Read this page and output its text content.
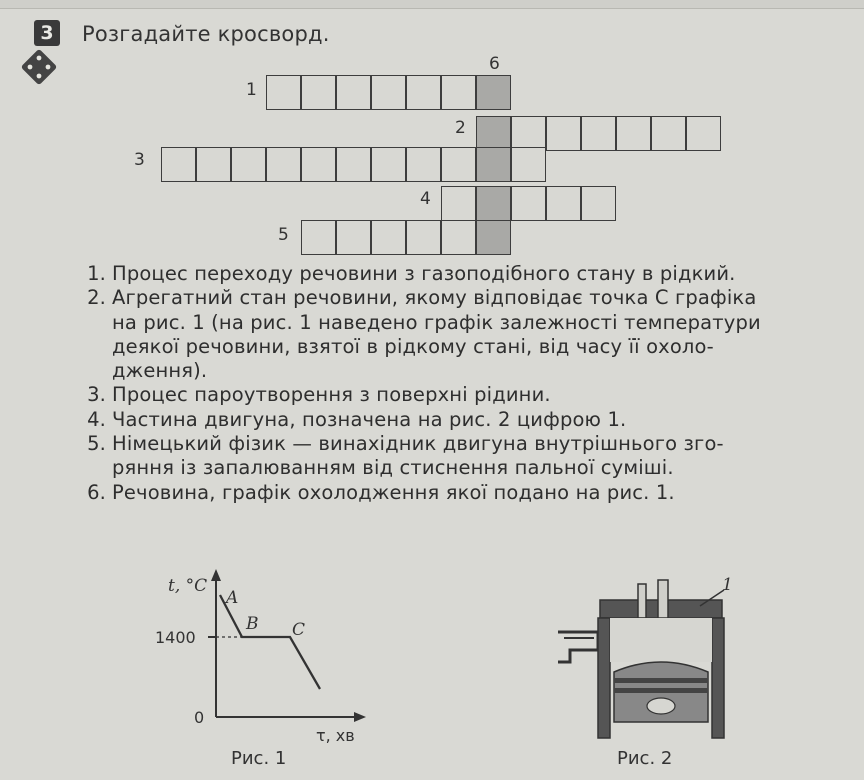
3	Розгадайте кросворд.
6
1
2
3
4
5
1. Процес переходу речовини з газоподібного стану в рідкий.
2. Агрегатний стан речовини, якому відповідає точка С графіка
на рис. 1 (на рис. 1 наведено графік залежності температури
деякої речовини, взятої в рідкому стані, від часу її охоло-
дження).
3. Процес пароутворення з поверхні рідини.
4. Частина двигуна, позначена на рис. 2 цифрою 1.
5. Німецький фізик — винахідник двигуна внутрішнього зго-
ряння із запалюванням від стиснення пальної суміші.
6. Речовина, графік охолодження якої подано на рис. 1.
t, °C
1400
0
τ, хв
A
B C
Рис. 1
1
Рис. 2
